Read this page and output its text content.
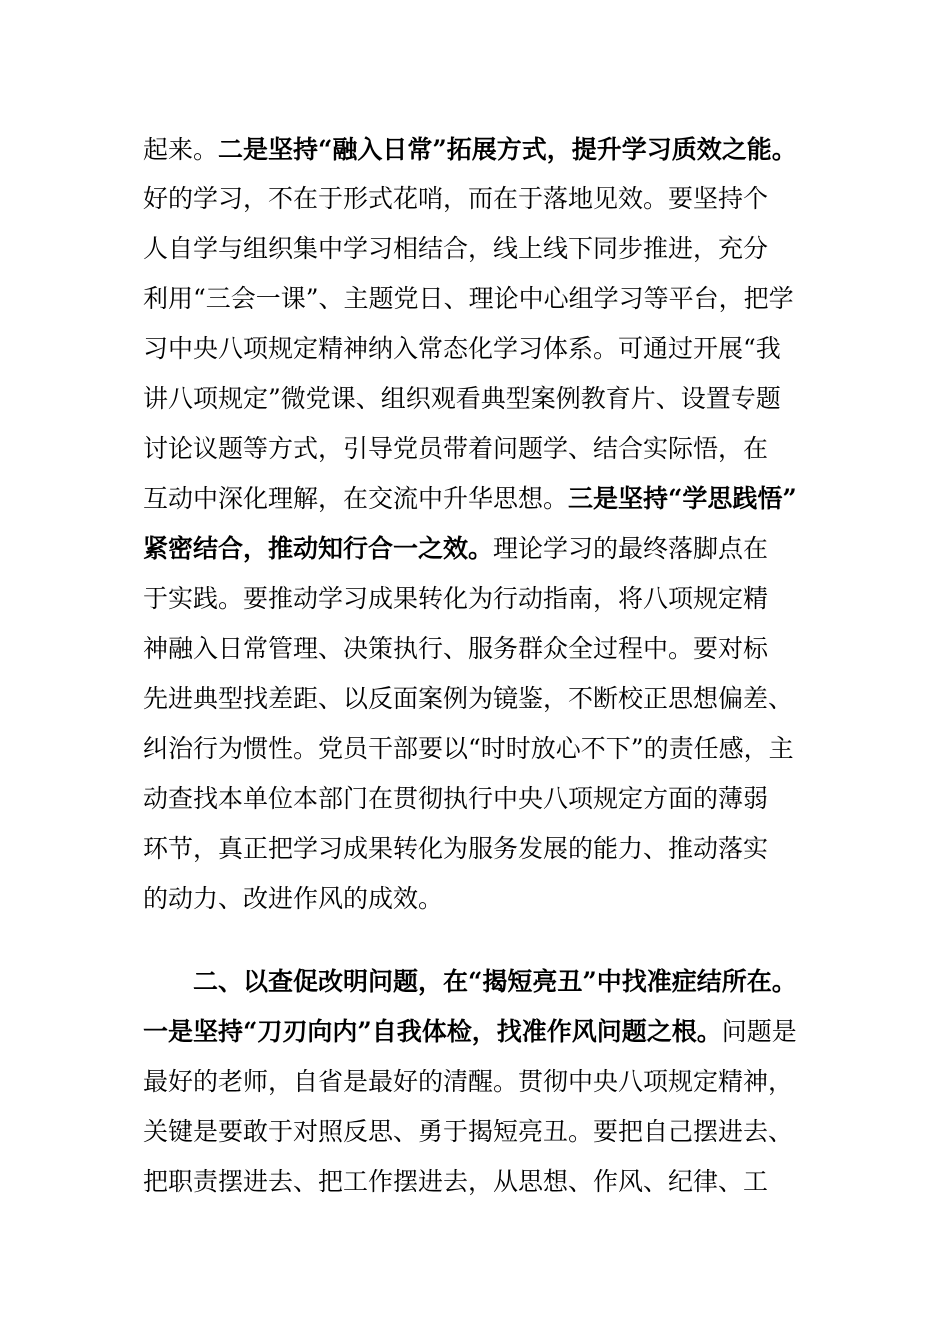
起来。二是坚持“融入日常”拓展方式，提升学习质效之能。
好的学习，不在于形式花哨，而在于落地见效。要坚持个
人自学与组织集中学习相结合，线上线下同步推进，充分
利用“三会一课”、主题党日、理论中心组学习等平台，把学
习中央八项规定精神纳入常态化学习体系。可通过开展“我
讲八项规定”微党课、组织观看典型案例教育片、设置专题
讨论议题等方式，引导党员带着问题学、结合实际悟，在
互动中深化理解，在交流中升华思想。三是坚持“学思践悟”
紧密结合，推动知行合一之效。理论学习的最终落脚点在
于实践。要推动学习成果转化为行动指南，将八项规定精
神融入日常管理、决策执行、服务群众全过程中。要对标
先进典型找差距、以反面案例为镜鉴，不断校正思想偏差、
纠治行为惯性。党员干部要以“时时放心不下”的责任感，主
动查找本单位本部门在贯彻执行中央八项规定方面的薄弱
环节，真正把学习成果转化为服务发展的能力、推动落实
的动力、改进作风的成效。
二、以查促改明问题，在“揭短亮丑”中找准症结所在。
一是坚持“刀刃向内”自我体检，找准作风问题之根。问题是
最好的老师，自省是最好的清醒。贯彻中央八项规定精神，
关键是要敢于对照反思、勇于揭短亮丑。要把自己摆进去、
把职责摆进去、把工作摆进去，从思想、作风、纪律、工
